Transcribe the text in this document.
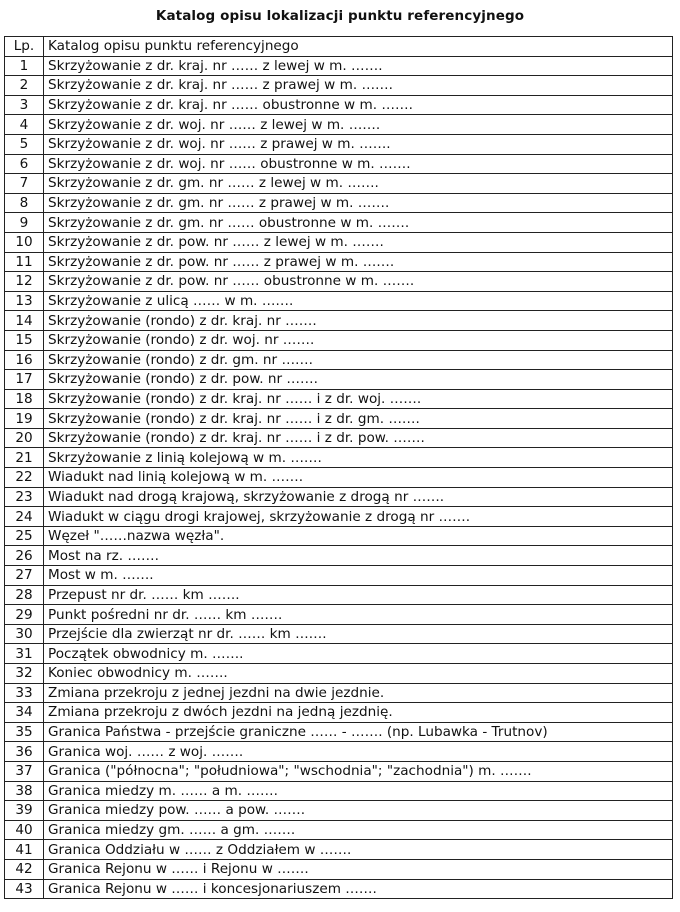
Katalog opisu lokalizacji punktu referencyjnego
Lp.	Katalog opisu punktu referencyjnego
1	Skrzyżowanie z dr. kraj. nr …… z lewej w m. …….
2	Skrzyżowanie z dr. kraj. nr …… z prawej w m. …….
3	Skrzyżowanie z dr. kraj. nr …… obustronne w m. …….
4	Skrzyżowanie z dr. woj. nr …… z lewej w m. …….
5	Skrzyżowanie z dr. woj. nr …… z prawej w m. …….
6	Skrzyżowanie z dr. woj. nr …… obustronne w m. …….
7	Skrzyżowanie z dr. gm. nr …… z lewej w m. …….
8	Skrzyżowanie z dr. gm. nr …… z prawej w m. …….
9	Skrzyżowanie z dr. gm. nr …… obustronne w m. …….
10	Skrzyżowanie z dr. pow. nr …… z lewej w m. …….
11	Skrzyżowanie z dr. pow. nr …… z prawej w m. …….
12	Skrzyżowanie z dr. pow. nr …… obustronne w m. …….
13	Skrzyżowanie z ulicą …… w m. …….
14	Skrzyżowanie (rondo) z dr. kraj. nr …….
15	Skrzyżowanie (rondo) z dr. woj. nr …….
16	Skrzyżowanie (rondo) z dr. gm. nr …….
17	Skrzyżowanie (rondo) z dr. pow. nr …….
18	Skrzyżowanie (rondo) z dr. kraj. nr …… i z dr. woj. …….
19	Skrzyżowanie (rondo) z dr. kraj. nr …… i z dr. gm. …….
20	Skrzyżowanie (rondo) z dr. kraj. nr …… i z dr. pow. …….
21	Skrzyżowanie z linią kolejową w m. …….
22	Wiadukt nad linią kolejową w m. …….
23	Wiadukt nad drogą krajową, skrzyżowanie z drogą nr …….
24	Wiadukt w ciągu drogi krajowej, skrzyżowanie z drogą nr …….
25	Węzeł "……nazwa węzła".
26	Most na rz. …….
27	Most w m. …….
28	Przepust nr dr. …… km …….
29	Punkt pośredni nr dr. …… km …….
30	Przejście dla zwierząt nr dr. …… km …….
31	Początek obwodnicy m. …….
32	Koniec obwodnicy m. …….
33	Zmiana przekroju z jednej jezdni na dwie jezdnie.
34	Zmiana przekroju z dwóch jezdni na jedną jezdnię.
35	Granica Państwa - przejście graniczne …… - ……. (np. Lubawka - Trutnov)
36	Granica woj. …… z woj. …….
37	Granica ("północna"; "południowa"; "wschodnia"; "zachodnia") m. …….
38	Granica miedzy m. …… a m. …….
39	Granica miedzy pow. …… a pow. …….
40	Granica miedzy gm. …… a gm. …….
41	Granica Oddziału w …… z Oddziałem w …….
42	Granica Rejonu w …… i Rejonu w …….
43	Granica Rejonu w …… i koncesjonariuszem …….
